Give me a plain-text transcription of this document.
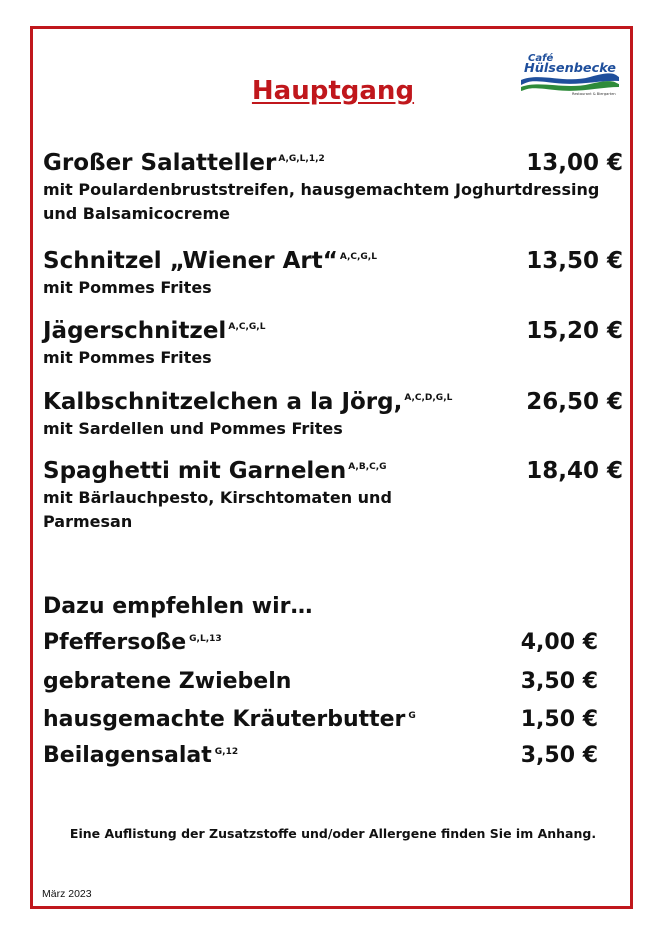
Café
Hülsenbecke
Restaurant & Biergarten
Hauptgang
Großer Salatteller $^{A,G,L,1,2}$	13,00 €
mit Poulardenbruststreifen, hausgemachtem Joghurtdressing und Balsamicocreme
Schnitzel „Wiener Art“ $^{A,C,G,L}$	13,50 €
mit Pommes Frites
Jägerschnitzel $^{A,C,G,L}$	15,20 €
mit Pommes Frites
Kalbschnitzelchen a la Jörg, $^{A,C,D,G,L}$	26,50 €
mit Sardellen und Pommes Frites
Spaghetti mit Garnelen $^{A,B,C,G}$	18,40 €
mit Bärlauchpesto, Kirschtomaten und Parmesan
Dazu empfehlen wir…
Pfeffersoße $^{G,L,13}$	4,00 €
gebratene Zwiebeln	3,50 €
hausgemachte Kräuterbutter $^G$	1,50 €
Beilagensalat $^{G,12}$	3,50 €
Eine Auflistung der Zusatzstoffe und/oder Allergene finden Sie im Anhang.
März 2023
